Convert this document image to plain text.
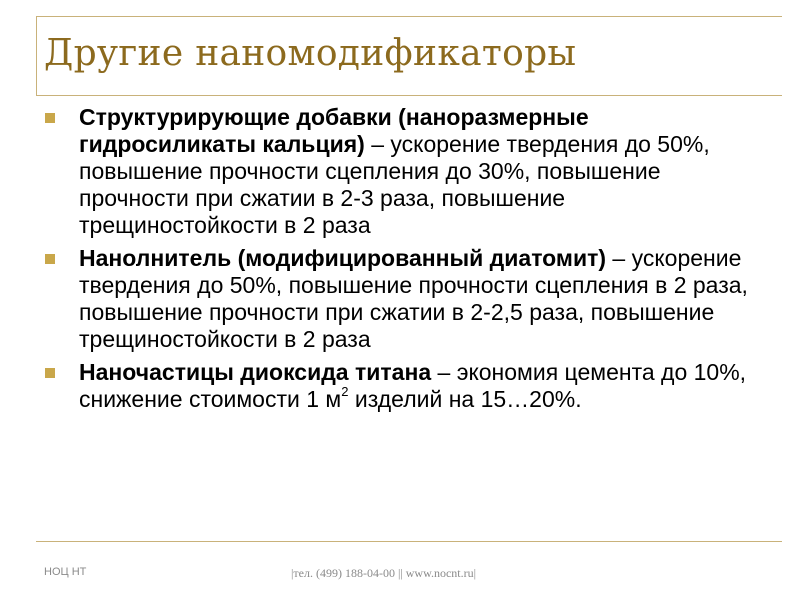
Другие наномодификаторы
Структурирующие добавки (наноразмерные гидросиликаты кальция) – ускорение твердения до 50%, повышение прочности сцепления до 30%, повышение прочности при сжатии в 2-3 раза, повышение трещиностойкости в 2 раза
Нанолнитель (модифицированный диатомит) – ускорение твердения до 50%, повышение прочности сцепления в 2 раза, повышение прочности при сжатии в 2-2,5 раза, повышение трещиностойкости в 2 раза
Наночастицы диоксида титана – экономия цемента до 10%, снижение стоимости 1 $м^2$ изделий на 15…20%.
НОЦ НТ	|тел. (499) 188-04-00 || www.nocnt.ru|
